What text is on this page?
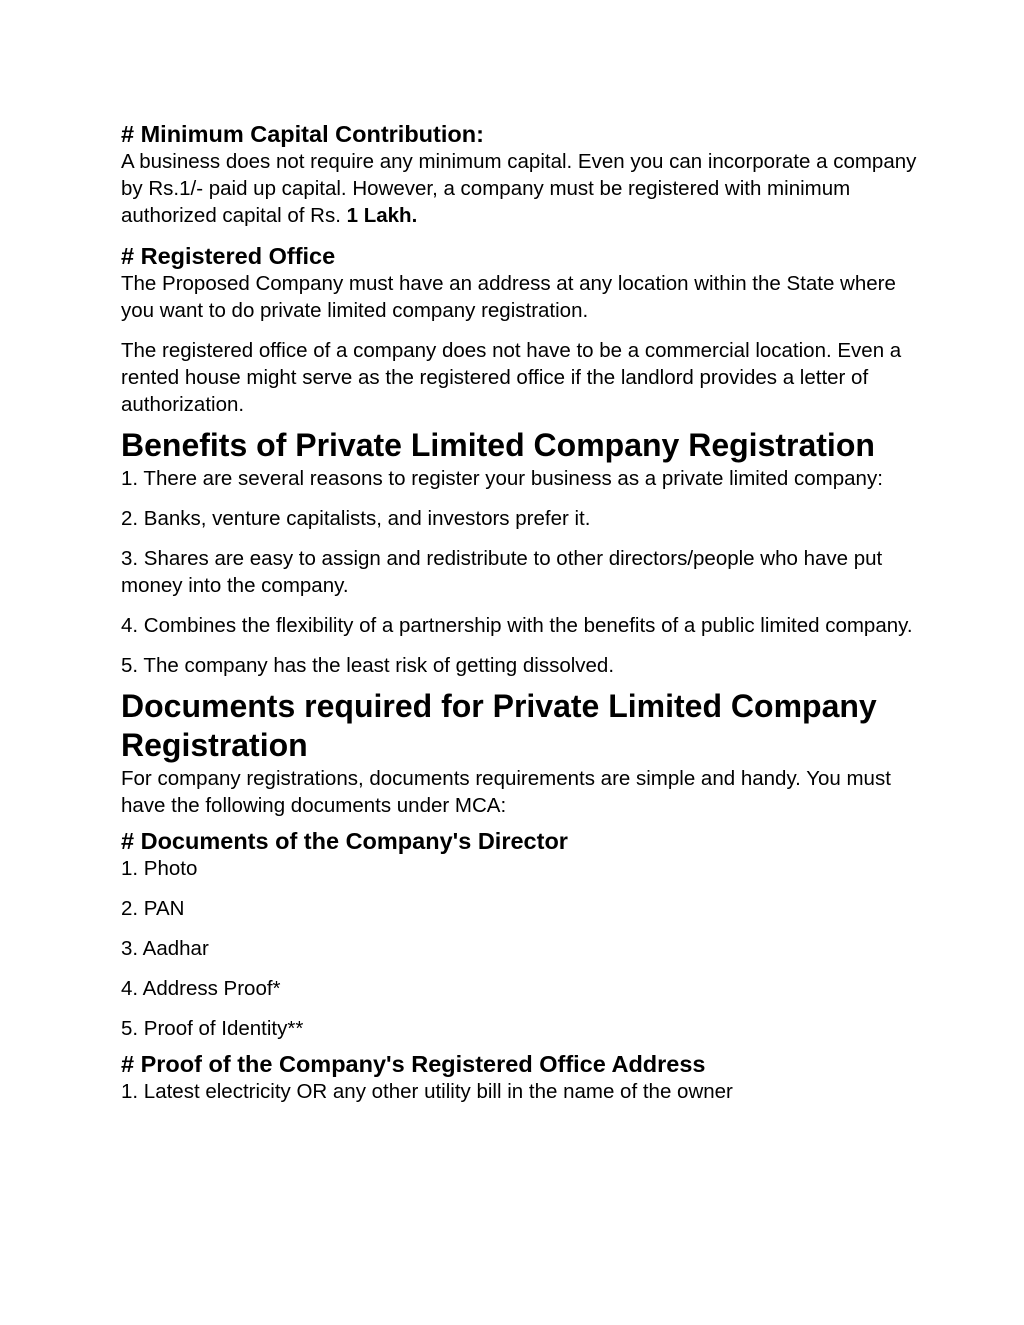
# Minimum Capital Contribution:

A business does not require any minimum capital. Even you can incorporate a company by Rs.1/- paid up capital. However, a company must be registered with minimum authorized capital of Rs. 1 Lakh.

# Registered Office

The Proposed Company must have an address at any location within the State where you want to do private limited company registration.

The registered office of a company does not have to be a commercial location. Even a rented house might serve as the registered office if the landlord provides a letter of authorization.

Benefits of Private Limited Company Registration

1. There are several reasons to register your business as a private limited company:

2. Banks, venture capitalists, and investors prefer it.

3. Shares are easy to assign and redistribute to other directors/people who have put money into the company.

4. Combines the flexibility of a partnership with the benefits of a public limited company.

5. The company has the least risk of getting dissolved.

Documents required for Private Limited Company Registration

For company registrations, documents requirements are simple and handy. You must have the following documents under MCA:

# Documents of the Company's Director

1. Photo

2. PAN

3. Aadhar

4. Address Proof*

5. Proof of Identity**

# Proof of the Company's Registered Office Address

1. Latest electricity OR any other utility bill in the name of the owner
